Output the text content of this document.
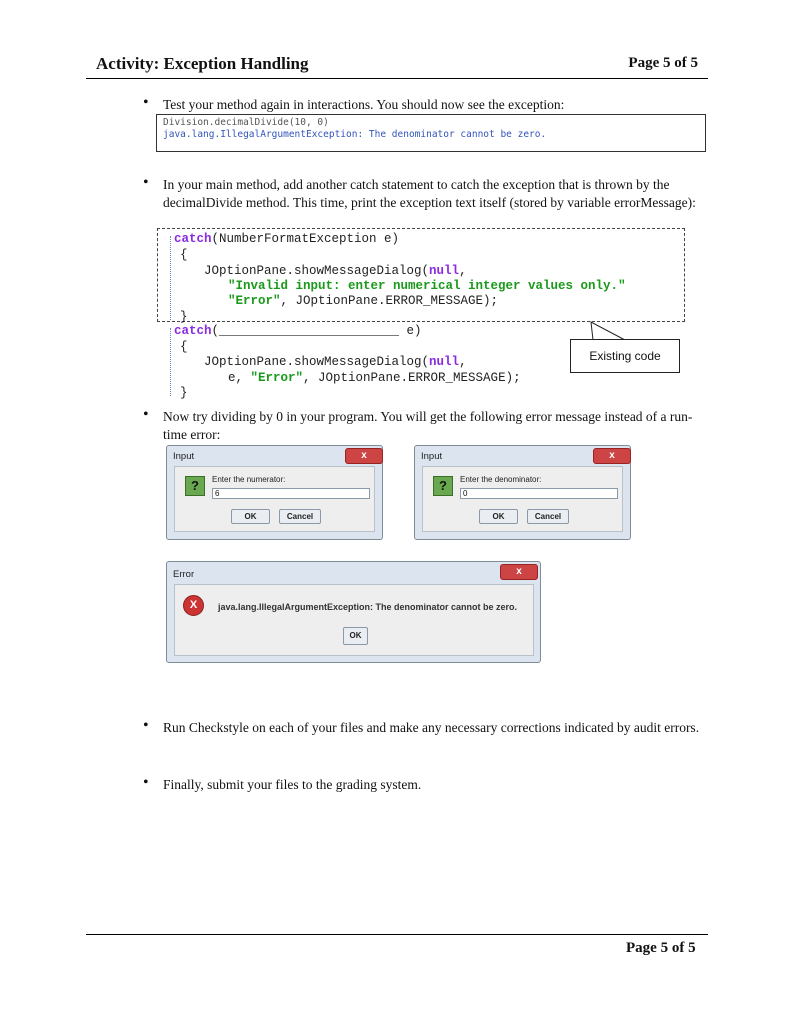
Activity: Exception Handling	Page 5 of 5
• Test your method again in interactions. You should now see the exception:
Division.decimalDivide(10, 0)
java.lang.IllegalArgumentException: The denominator cannot be zero.
• In your main method, add another catch statement to catch the exception that is thrown by the decimalDivide method. This time, print the exception text itself (stored by variable errorMessage):
catch(NumberFormatException e)
{
JOptionPane.showMessageDialog(null,
"Invalid input: enter numerical integer values only."
"Error", JOptionPane.ERROR_MESSAGE);
}
catch(________________________ e)
{
JOptionPane.showMessageDialog(null,
e, "Error", JOptionPane.ERROR_MESSAGE);
}
Existing code
• Now try dividing by 0 in your program. You will get the following error message instead of a run-time error:
Input	x
?	Enter the numerator:
6
OK	Cancel
Input	x
?	Enter the denominator:
0
OK	Cancel
Error	x
X	java.lang.IllegalArgumentException: The denominator cannot be zero.
OK
• Run Checkstyle on each of your files and make any necessary corrections indicated by audit errors.
• Finally, submit your files to the grading system.
Page 5 of 5
